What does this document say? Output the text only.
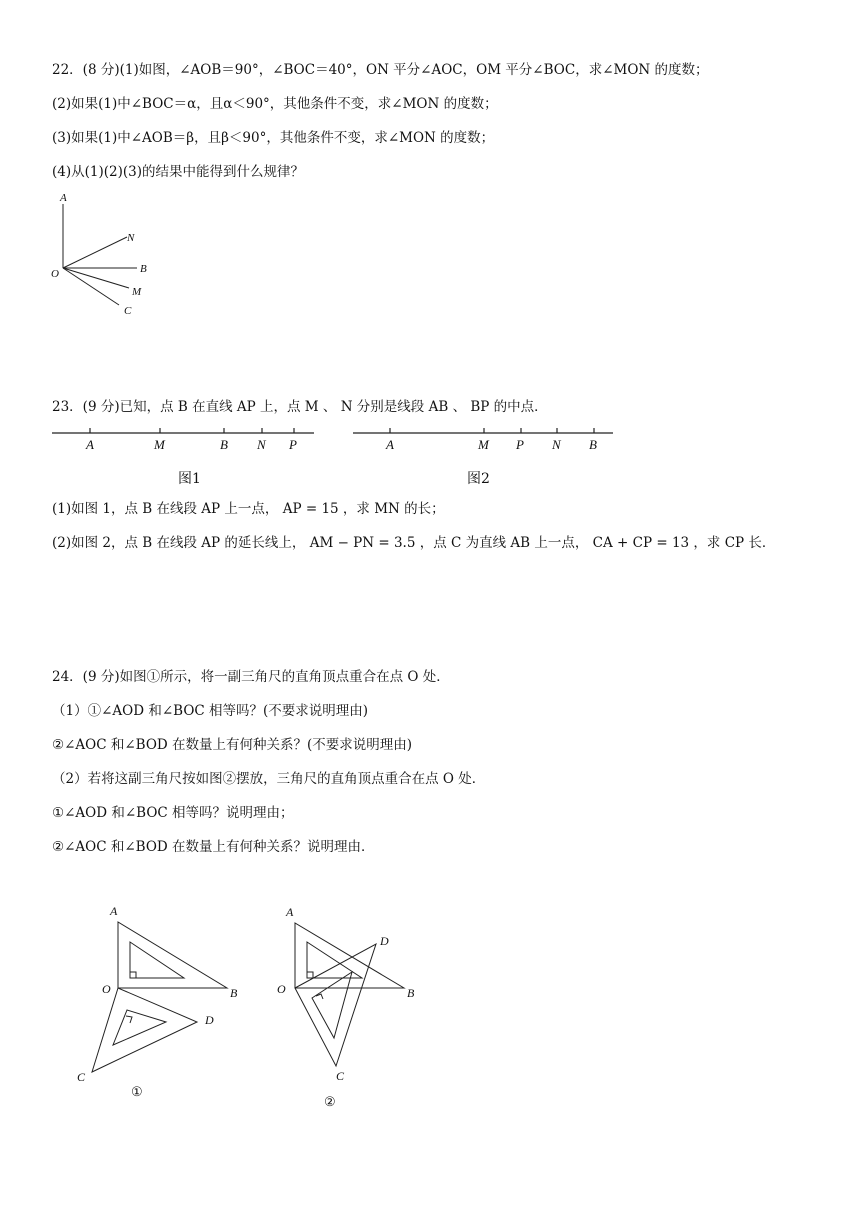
22．(8 分)(1)如图，∠AOB＝90°，∠BOC＝40°，ON 平分∠AOC，OM 平分∠BOC，求∠MON 的度数；
(2)如果(1)中∠BOC＝α，且α＜90°，其他条件不变，求∠MON 的度数；
(3)如果(1)中∠AOB＝β，且β＜90°，其他条件不变，求∠MON 的度数；
(4)从(1)(2)(3)的结果中能得到什么规律？
A
N
O	B
M
C
23．(9 分)已知，点 B 在直线 AP 上，点 M 、 N 分别是线段 AB 、 BP 的中点．
A	M	B N P	A	M P N B
图1	图2
(1)如图 1，点 B 在线段 AP 上一点， AP = 15 ，求 MN 的长；
(2)如图 2，点 B 在线段 AP 的延长线上， AM − PN = 3.5 ，点 C 为直线 AB 上一点， CA + CP = 13 ，求 CP 长．
24．(9 分)如图①所示，将一副三角尺的直角顶点重合在点 O 处．
（1）①∠AOD 和∠BOC 相等吗？(不要求说明理由)
②∠AOC 和∠BOD 在数量上有何种关系？(不要求说明理由)
（2）若将这副三角尺按如图②摆放，三角尺的直角顶点重合在点 O 处．
①∠AOD 和∠BOC 相等吗？说明理由；
②∠AOC 和∠BOD 在数量上有何种关系？说明理由．
A
O	B
C
D
①
A
O	B
C
D
②
